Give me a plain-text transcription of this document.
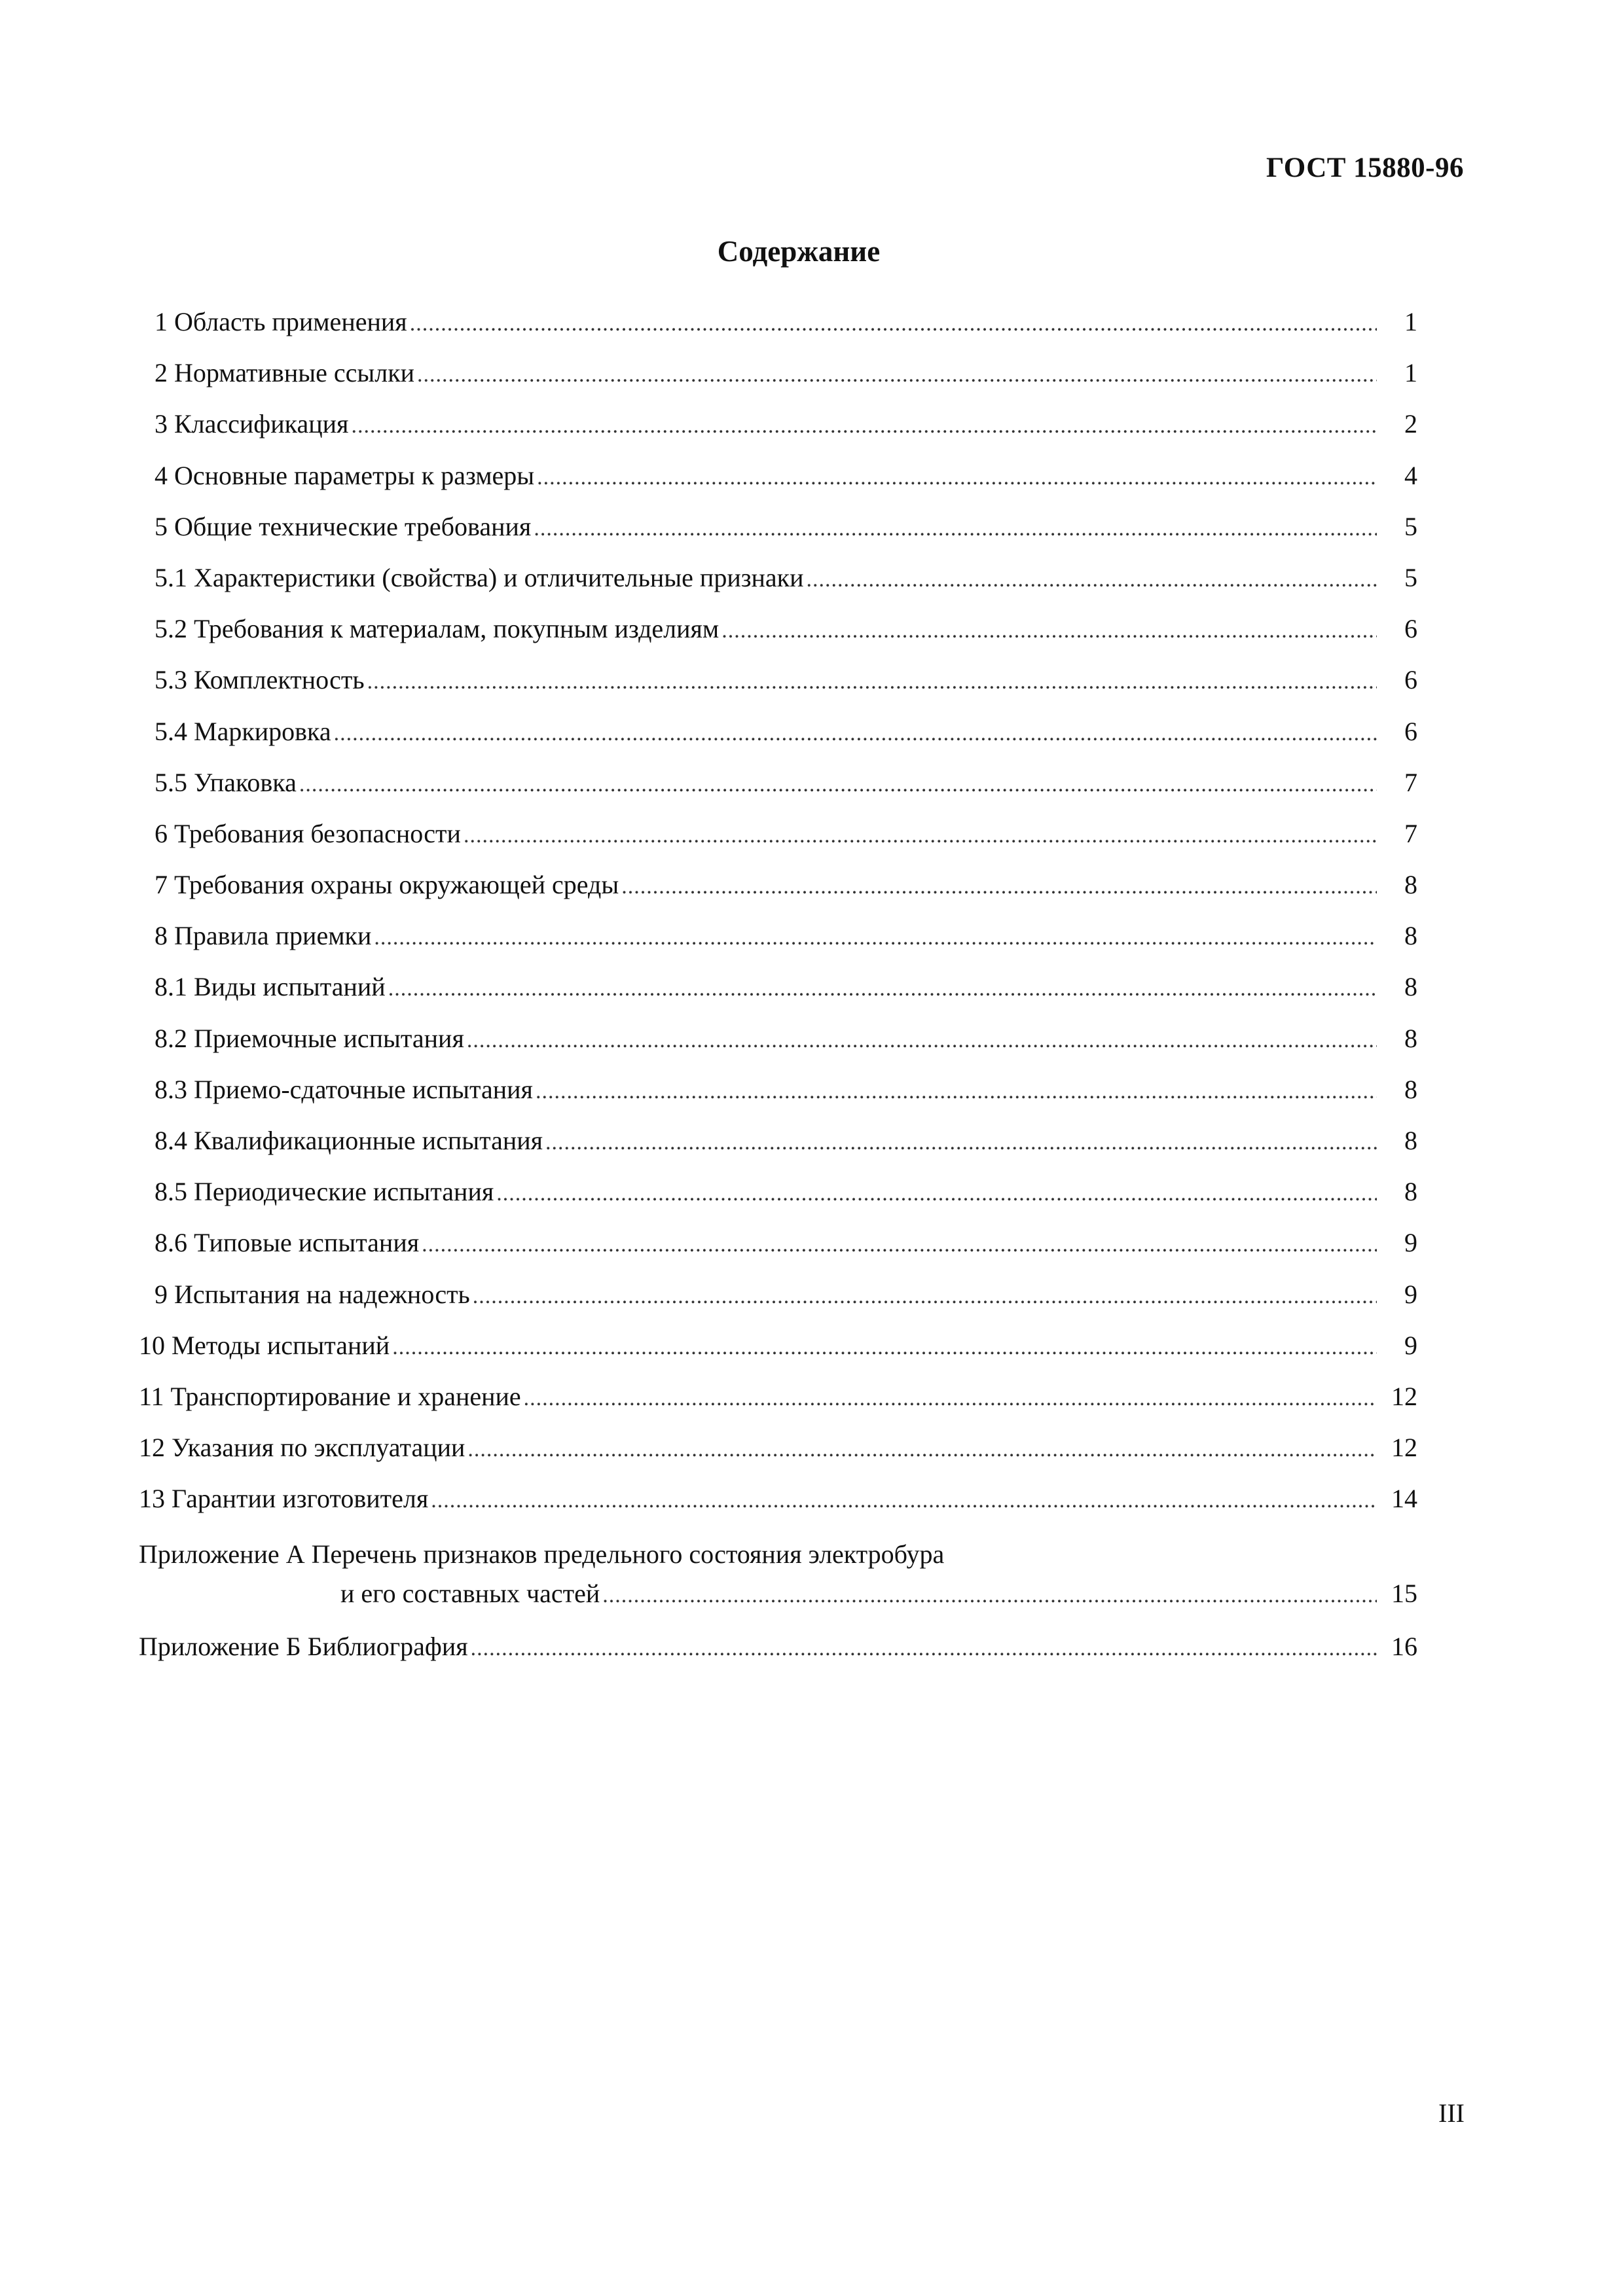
ГОСТ 15880-96
Содержание
1 Область применения .....	1
2 Нормативные ссылки .....	1
3 Классификация .....	2
4 Основные параметры к размеры .....	4
5 Общие технические требования .....	5
5.1 Характеристики (свойства) и отличительные признаки .....	5
5.2 Требования к материалам, покупным изделиям .....	6
5.3 Комплектность .....	6
5.4 Маркировка .....	6
5.5 Упаковка .....	7
6 Требования безопасности .....	7
7 Требования охраны окружающей среды .....	8
8 Правила приемки .....	8
8.1 Виды испытаний .....	8
8.2 Приемочные испытания .....	8
8.3 Приемо-сдаточные испытания .....	8
8.4 Квалификационные испытания .....	8
8.5 Периодические испытания .....	8
8.6 Типовые испытания .....	9
9 Испытания на надежность .....	9
10 Методы испытаний .....	9
11 Транспортирование и хранение .....	12
12 Указания по эксплуатации .....	12
13 Гарантии изготовителя .....	14
Приложение А Перечень признаков предельного состояния электробура
и его составных частей .....	15
Приложение Б Библиография .....	16
III
